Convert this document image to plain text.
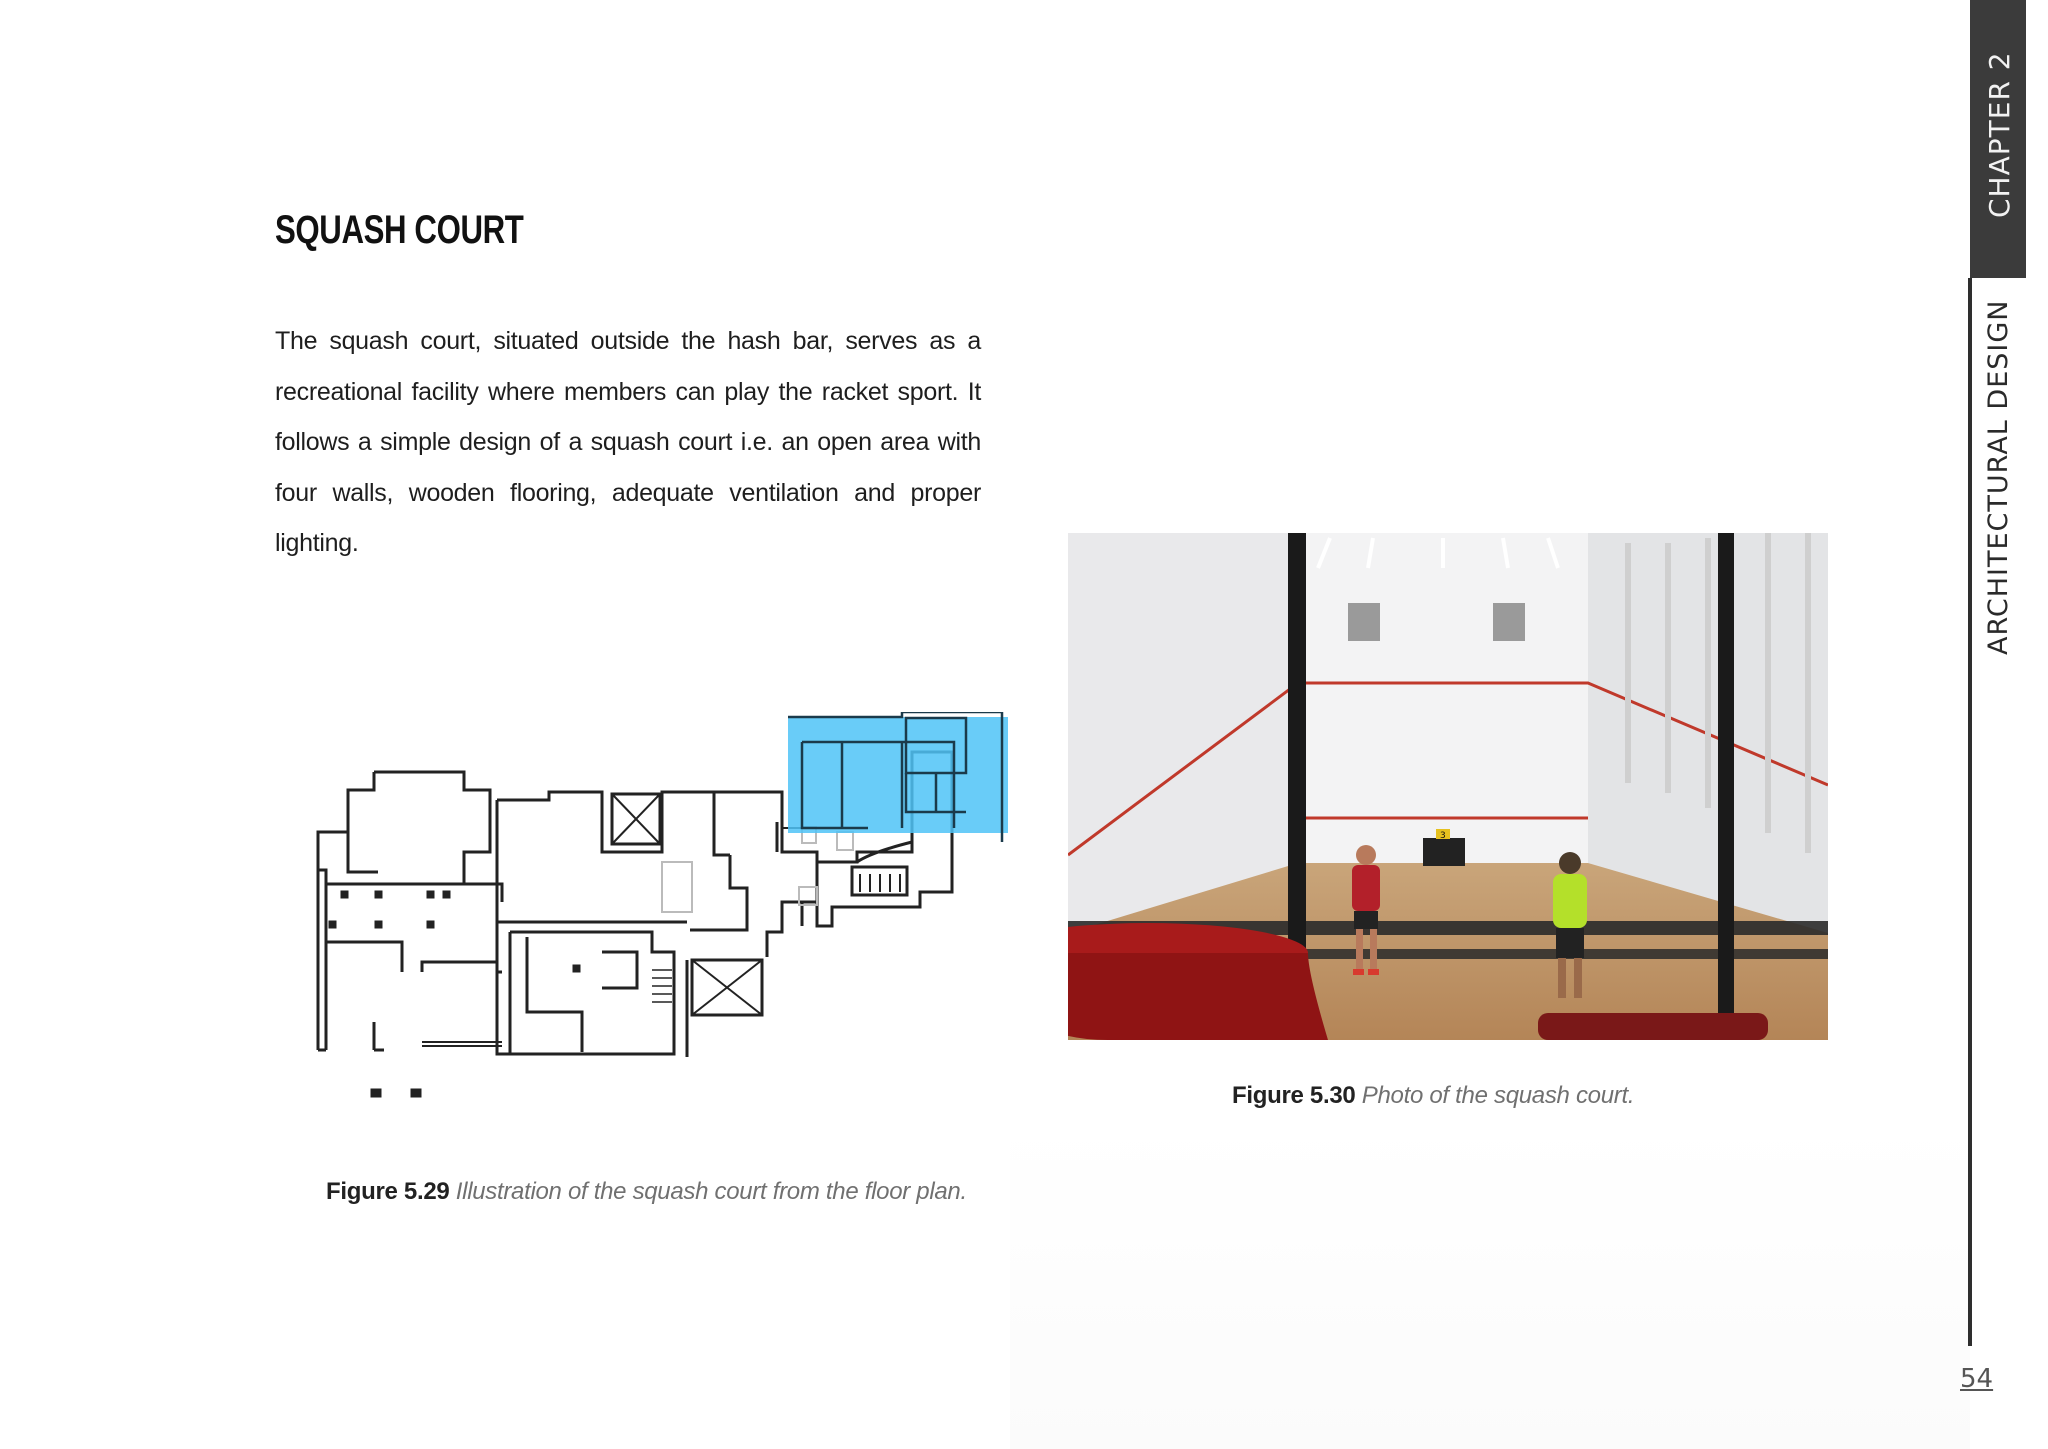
SQUASH COURT
The squash court, situated outside the hash bar, serves as a recreational facility where members can play the racket sport. It follows a simple design of a squash court i.e. an open area with four walls, wooden flooring, adequate ventilation and proper lighting.
3
Figure 5.29 Illustration of the squash court from the floor plan.
Figure 5.30 Photo of the squash court.
CHAPTER 2
ARCHITECTURAL DESIGN
54
